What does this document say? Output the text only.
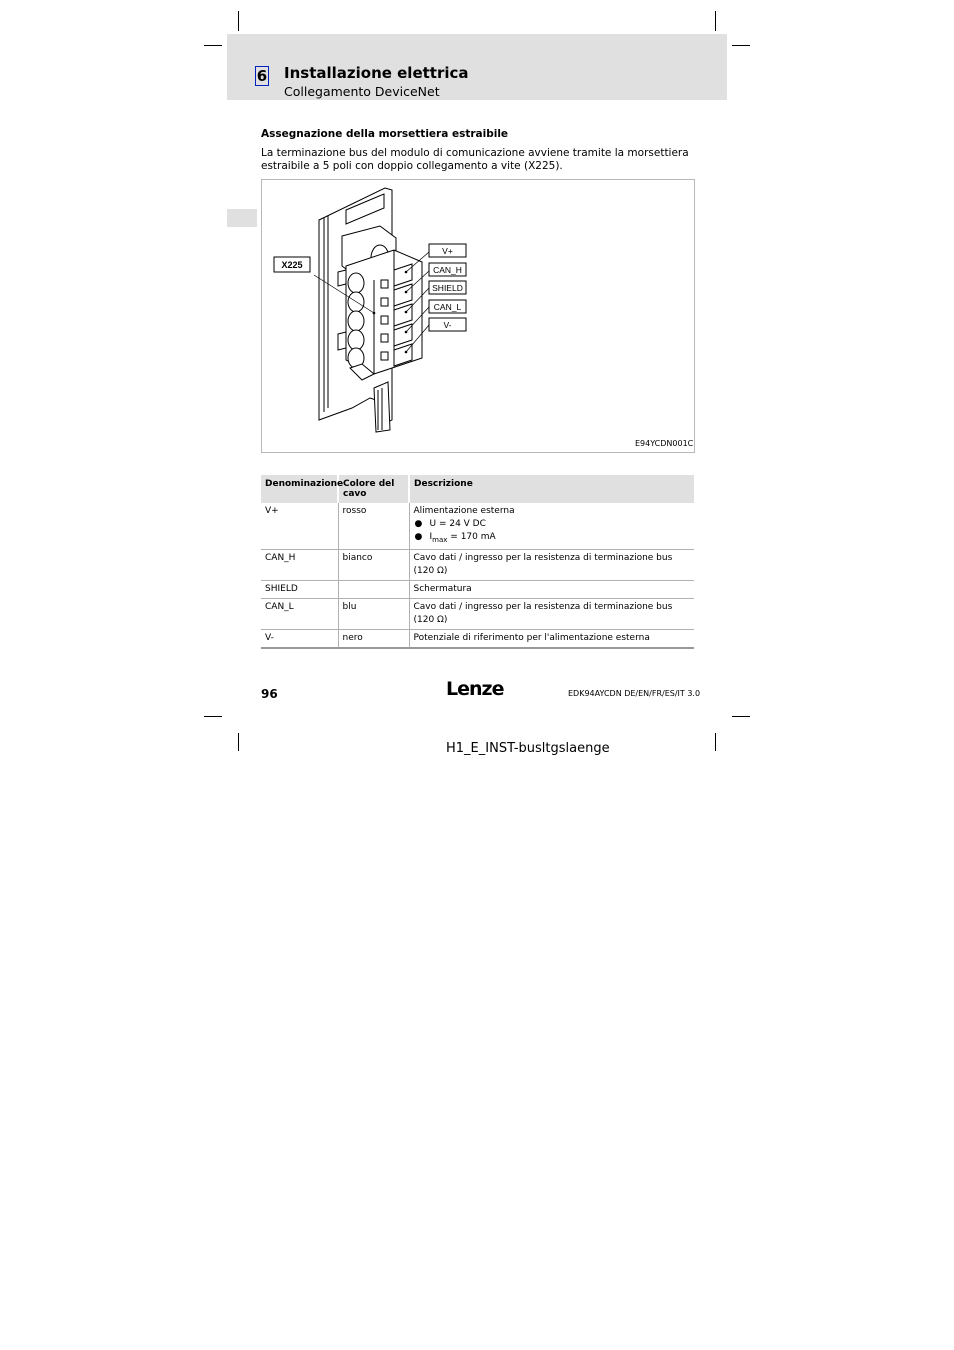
6 Installazione elettrica
Collegamento DeviceNet
Assegnazione della morsettiera estraibile
La terminazione bus del modulo di comunicazione avviene tramite la morsettiera estraibile a 5 poli con doppio collegamento a vite (X225).
X225
V+
CAN_H
SHIELD
CAN_L
V-
E94YCDN001C
Denominazione	Colore del cavo	Descrizione
V+	rosso	Alimentazione esterna
● U = 24 V DC
● $I_{max} = 170$ mA

CAN_H	bianco	Cavo dati / ingresso per la resistenza di terminazione bus (120 Ω)
SHIELD		Schermatura
CAN_L	blu	Cavo dati / ingresso per la resistenza di terminazione bus (120 Ω)
V-	nero	Potenziale di riferimento per l'alimentazione esterna
96	Lenze	EDK94AYCDN DE/EN/FR/ES/IT 3.0
H1_E_INST-busltgslaenge
